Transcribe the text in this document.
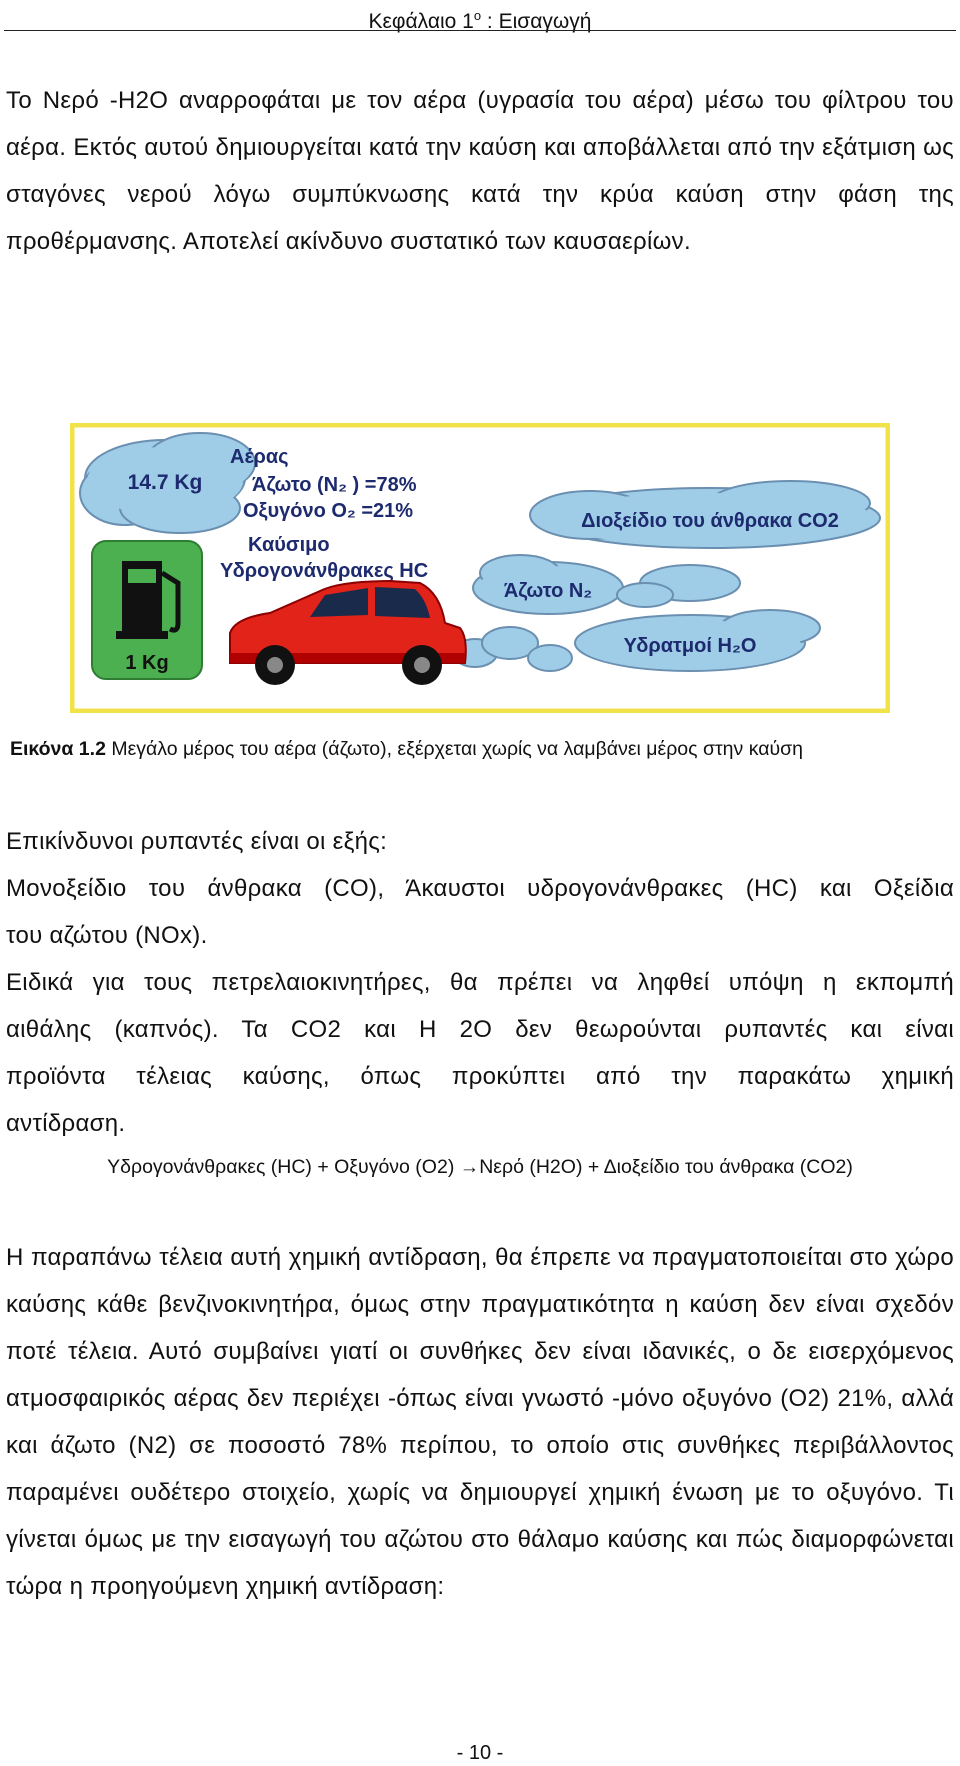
Κεφάλαιο $1^o$ : Εισαγωγή
Το Νερό -Η2Ο αναρροφάται με τον αέρα (υγρασία του αέρα) μέσω του φίλτρου του αέρα. Εκτός αυτού δημιουργείται κατά την καύση και αποβάλλεται από την εξάτμιση ως σταγόνες νερού λόγω συμπύκνωσης κατά την κρύα καύση στην φάση της προθέρμανσης. Αποτελεί ακίνδυνο συστατικό των καυσαερίων.
14.7 Kg
Αέρας
Άζωτο (N₂ ) =78%
Οξυγόνο O₂ =21%
Καύσιμο
Υδρογονάνθρακες HC
1 Kg
Διοξείδιο του άνθρακα CO2
Άζωτο N₂
Υδρατμοί H₂O
Εικόνα 1.2 Μεγάλο μέρος του αέρα (άζωτο), εξέρχεται χωρίς να λαμβάνει μέρος στην καύση
Επικίνδυνοι ρυπαντές είναι οι εξής:
Μονοξείδιο του άνθρακα (CO), Άκαυστοι υδρογονάνθρακες (HC) και Οξείδια
του αζώτου (NOx).
Ειδικά για τους πετρελαιοκινητήρες, θα πρέπει να ληφθεί υπόψη η εκπομπή
αιθάλης (καπνός). Τα CO2 και H 2O δεν θεωρούνται ρυπαντές και είναι
προϊόντα τέλειας καύσης, όπως προκύπτει από την παρακάτω χημική
αντίδραση.
Υδρογονάνθρακες (HC) + Οξυγόνο (O2) →Νερό (H2O) + Διοξείδιο του άνθρακα (CO2)
Η παραπάνω τέλεια αυτή χημική αντίδραση, θα έπρεπε να πραγματοποιείται στο χώρο καύσης κάθε βενζινοκινητήρα, όμως στην πραγματικότητα η καύση δεν είναι σχεδόν ποτέ τέλεια. Αυτό συμβαίνει γιατί οι συνθήκες δεν είναι ιδανικές, ο δε εισερχόμενος ατμοσφαιρικός αέρας δεν περιέχει -όπως είναι γνωστό -μόνο οξυγόνο (O2) 21%, αλλά και άζωτο (N2) σε ποσοστό 78% περίπου, το οποίο στις συνθήκες περιβάλλοντος παραμένει ουδέτερο στοιχείο, χωρίς να δημιουργεί χημική ένωση με το οξυγόνο. Τι γίνεται όμως με την εισαγωγή του αζώτου στο θάλαμο καύσης και πώς διαμορφώνεται τώρα η προηγούμενη χημική αντίδραση:
- 10 -
